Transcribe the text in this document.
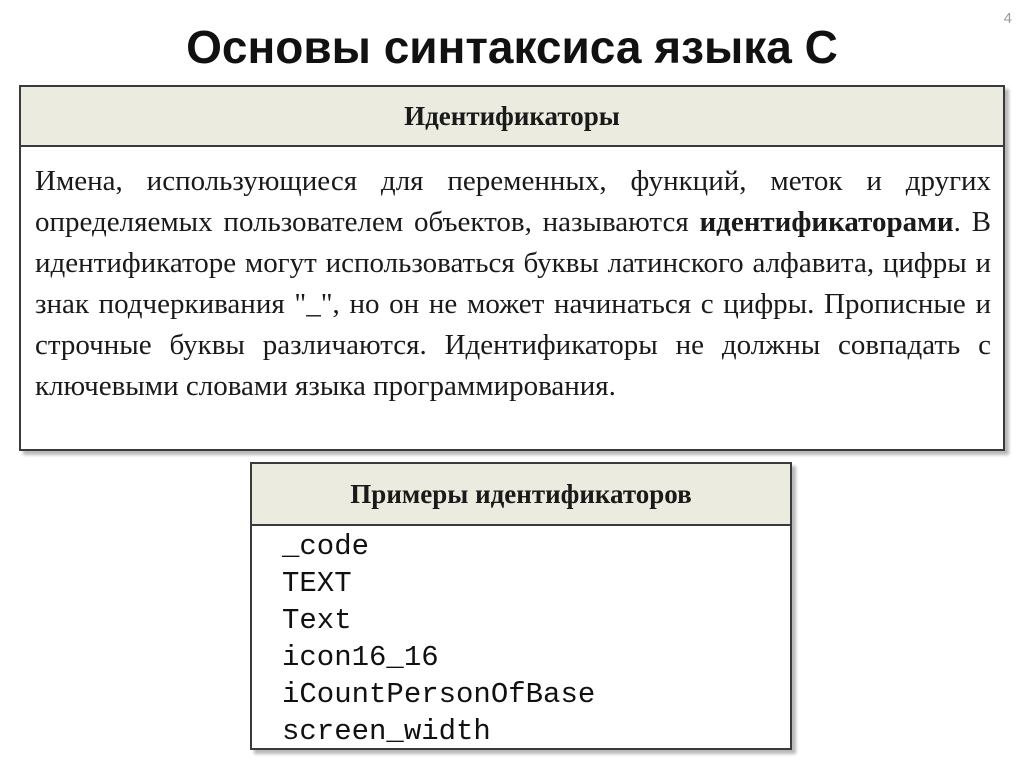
4
Основы синтаксиса языка С
Идентификаторы
Имена, использующиеся для переменных, функций, меток и других определяемых пользователем объектов, называются идентификаторами. В идентификаторе могут использоваться буквы латинского алфавита, цифры и знак подчеркивания "_", но он не может начинаться с цифры. Прописные и строчные буквы различаются. Идентификаторы не должны совпадать с ключевыми словами языка программирования.
Примеры идентификаторов
_code
TEXT
Text
icon16_16
iCountPersonOfBase
screen_width
